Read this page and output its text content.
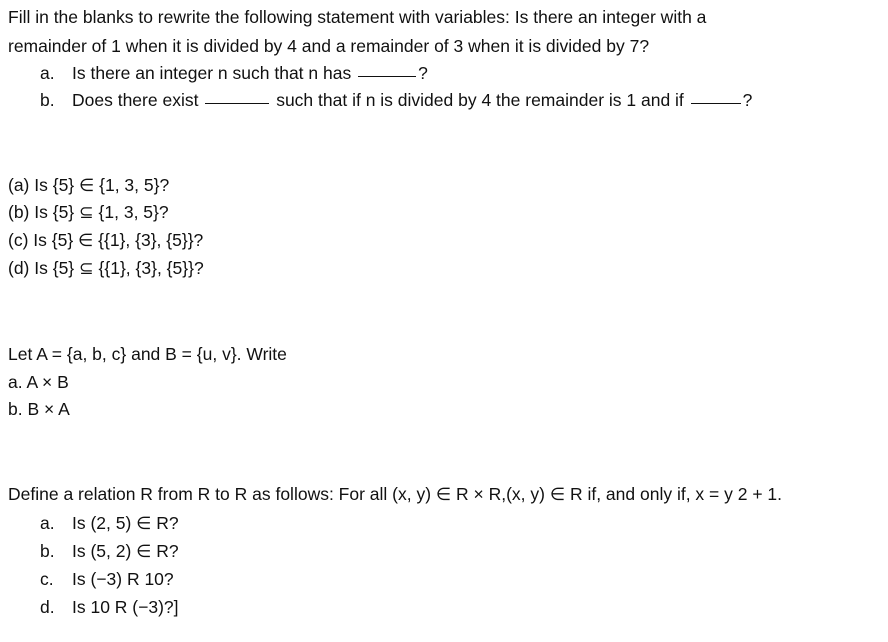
Fill in the blanks to rewrite the following statement with variables: Is there an integer with a
remainder of 1 when it is divided by 4 and a remainder of 3 when it is divided by 7?
a. Is there an integer n such that n has	?
b. Does there exist	such that if n is divided by 4 the remainder is 1 and if	?
(a) Is {5} ∈ {1, 3, 5}?
(b) Is {5} ⊆ {1, 3, 5}?
(c) Is {5} ∈ {{1}, {3}, {5}}?
(d) Is {5} ⊆ {{1}, {3}, {5}}?
Let A = {a, b, c} and B = {u, v}. Write
a. A × B
b. B × A
Define a relation R from R to R as follows: For all (x, y) ∈ R × R,(x, y) ∈ R if, and only if, x = y 2 + 1.
a. Is (2, 5) ∈ R?
b. Is (5, 2) ∈ R?
c. Is (−3) R 10?
d. Is 10 R (−3)?]
